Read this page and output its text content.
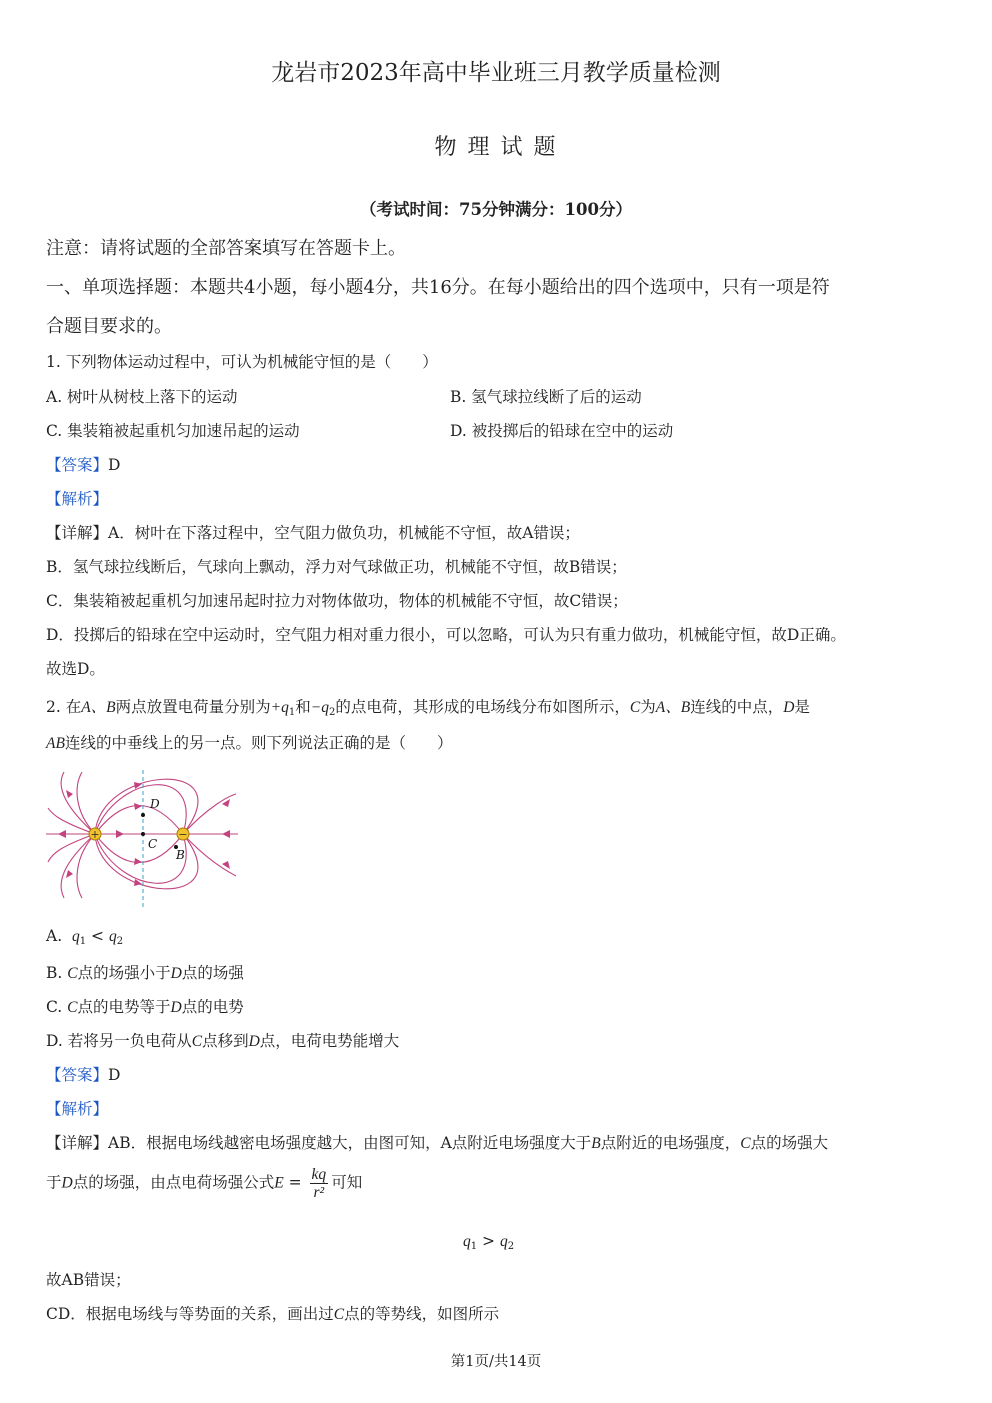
龙岩市2023年高中毕业班三月教学质量检测
物 理 试 题
（考试时间：75分钟满分：100分）
注意：请将试题的全部答案填写在答题卡上。
一、单项选择题：本题共4小题，每小题4分，共16分。在每小题给出的四个选项中，只有一项是符
合题目要求的。
1. 下列物体运动过程中，可认为机械能守恒的是（　　）
A. 树叶从树枝上落下的运动	B. 氢气球拉线断了后的运动
C. 集装箱被起重机匀加速吊起的运动	D. 被投掷后的铅球在空中的运动
【答案】D
【解析】
【详解】A．树叶在下落过程中，空气阻力做负功，机械能不守恒，故A错误；
B．氢气球拉线断后，气球向上飘动，浮力对气球做正功，机械能不守恒，故B错误；
C．集装箱被起重机匀加速吊起时拉力对物体做功，物体的机械能不守恒，故C错误；
D．投掷后的铅球在空中运动时，空气阻力相对重力很小，可以忽略，可认为只有重力做功，机械能守恒，故D正确。
故选D。
2. 在A、B两点放置电荷量分别为$+q_1$和$-q_2$的点电荷，其形成的电场线分布如图所示，C为A、B连线的中点，D是
AB连线的中垂线上的另一点。则下列说法正确的是（　　）
+	−
D
C
B
A.  $q_1 < q_2$
B. C点的场强小于D点的场强
C. C点的电势等于D点的电势
D. 若将另一负电荷从C点移到D点，电荷电势能增大
【答案】D
【解析】
【详解】AB．根据电场线越密电场强度越大，由图可知，A点附近电场强度大于B点附近的电场强度，C点的场强大
于D点的场强，由点电荷场强公式$E = \frac{kq}{\text{r²}}$ 可知
$q_1 > q_2$
故AB错误；
CD．根据电场线与等势面的关系，画出过C点的等势线，如图所示
第1页/共14页
